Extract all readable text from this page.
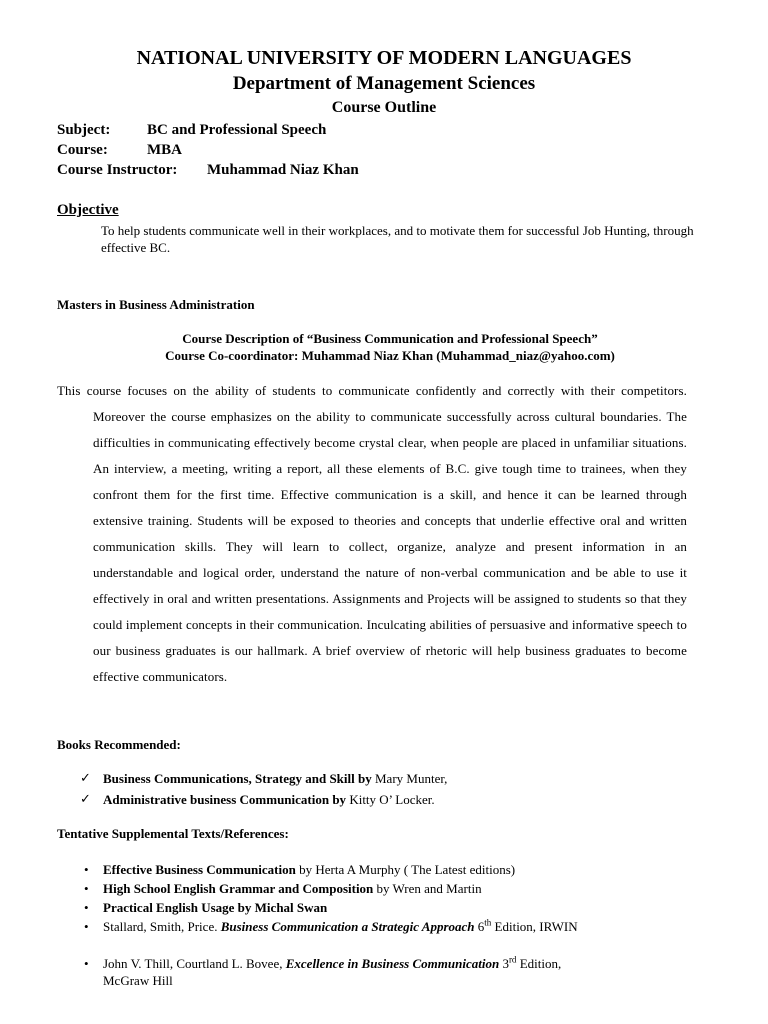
NATIONAL UNIVERSITY OF MODERN LANGUAGES
Department of Management Sciences
Course Outline
Subject: BC and Professional Speech
Course:	MBA
Course Instructor: Muhammad Niaz Khan
Objective
To help students communicate well in their workplaces, and to motivate them for successful Job Hunting, through effective BC.
Masters in Business Administration
Course Description of “Business Communication and Professional Speech”
Course Co-coordinator: Muhammad Niaz Khan (Muhammad_niaz@yahoo.com)
This course focuses on the ability of students to communicate confidently and correctly with their competitors. Moreover the course emphasizes on the ability to communicate successfully across cultural boundaries. The difficulties in communicating effectively become crystal clear, when people are placed in unfamiliar situations. An interview, a meeting, writing a report, all these elements of B.C. give tough time to trainees, when they confront them for the first time. Effective communication is a skill, and hence it can be learned through extensive training. Students will be exposed to theories and concepts that underlie effective oral and written communication skills. They will learn to collect, organize, analyze and present information in an understandable and logical order, understand the nature of non-verbal communication and be able to use it effectively in oral and written presentations. Assignments and Projects will be assigned to students so that they could implement concepts in their communication. Inculcating abilities of persuasive and informative speech to our business graduates is our hallmark. A brief overview of rhetoric will help business graduates to become effective communicators.
Books Recommended:
✓ Business Communications, Strategy and Skill by Mary Munter,
✓ Administrative business Communication by Kitty O’ Locker.
Tentative Supplemental Texts/References:
• Effective Business Communication by Herta A Murphy ( The Latest editions)
• High School English Grammar and Composition by Wren and Martin
• Practical English Usage by Michal Swan
• Stallard, Smith, Price. Business Communication a Strategic Approach 6th Edition, IRWIN
• John V. Thill, Courtland L. Bovee, Excellence in Business Communication 3rd Edition,
McGraw Hill
